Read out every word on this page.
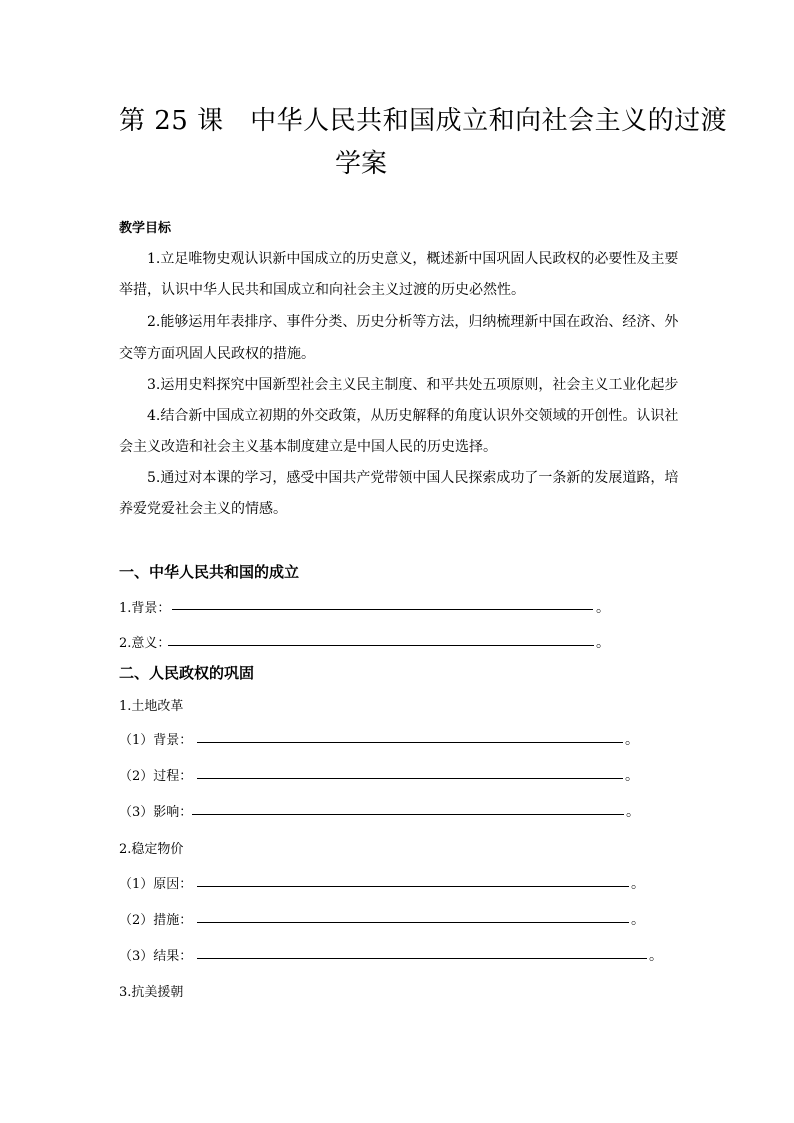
第 25 课　中华人民共和国成立和向社会主义的过渡
学案
教学目标
1.立足唯物史观认识新中国成立的历史意义，概述新中国巩固人民政权的必要性及主要
举措，认识中华人民共和国成立和向社会主义过渡的历史必然性。
2.能够运用年表排序、事件分类、历史分析等方法，归纳梳理新中国在政治、经济、外
交等方面巩固人民政权的措施。
3.运用史料探究中国新型社会主义民主制度、和平共处五项原则，社会主义工业化起步
4.结合新中国成立初期的外交政策，从历史解释的角度认识外交领域的开创性。认识社
会主义改造和社会主义基本制度建立是中国人民的历史选择。
5.通过对本课的学习，感受中国共产党带领中国人民探索成功了一条新的发展道路，培
养爱党爱社会主义的情感。
一、中华人民共和国的成立
1.背景：	。
2.意义：	。
二、人民政权的巩固
1.土地改革
（1）背景：	。
（2）过程：	。
（3）影响：	。
2.稳定物价
（1）原因：	。
（2）措施：	。
（3）结果：	。
3.抗美援朝
